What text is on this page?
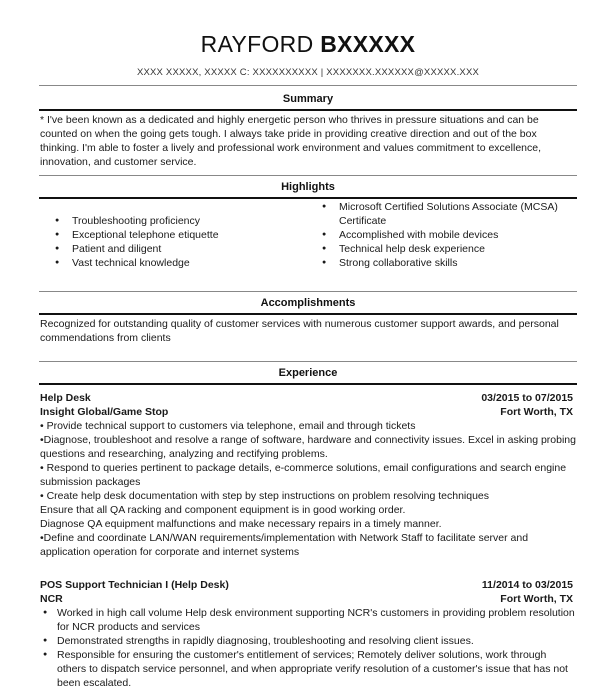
RAYFORD BXXXXX
XXXX XXXXX, XXXXX C: XXXXXXXXXX | XXXXXXX.XXXXXX@XXXXX.XXX
Summary
* I've been known as a dedicated and highly energetic person who thrives in pressure situations and can be counted on when the going gets tough. I always take pride in providing creative direction and out of the box thinking. I'm able to foster a lively and professional work environment and values commitment to excellence, innovation, and customer service.
Highlights
● Troubleshooting proficiency
● Exceptional telephone etiquette
● Patient and diligent
● Vast technical knowledge
● Microsoft Certified Solutions Associate (MCSA) Certificate
● Accomplished with mobile devices
● Technical help desk experience
● Strong collaborative skills
Accomplishments
Recognized for outstanding quality of customer services with numerous customer support awards, and personal commendations from clients
Experience
Help Desk	03/2015 to 07/2015
Insight Global/Game Stop	Fort Worth, TX
• Provide technical support to customers via telephone, email and through tickets
•Diagnose, troubleshoot and resolve a range of software, hardware and connectivity issues. Excel in asking probing questions and researching, analyzing and rectifying problems.
• Respond to queries pertinent to package details, e-commerce solutions, email configurations and search engine submission packages
• Create help desk documentation with step by step instructions on problem resolving techniques
Ensure that all QA racking and component equipment is in good working order.
Diagnose QA equipment malfunctions and make necessary repairs in a timely manner.
•Define and coordinate LAN/WAN requirements/implementation with Network Staff to facilitate server and application operation for corporate and internet systems
POS Support Technician I (Help Desk)	11/2014 to 03/2015
NCR	Fort Worth, TX
● Worked in high call volume Help desk environment supporting NCR's customers in providing problem resolution for NCR products and services
● Demonstrated strengths in rapidly diagnosing, troubleshooting and resolving client issues.
● Responsible for ensuring the customer's entitlement of services; Remotely deliver solutions, work through others to dispatch service personnel, and when appropriate verify resolution of a customer's issue that has not been escalated.
